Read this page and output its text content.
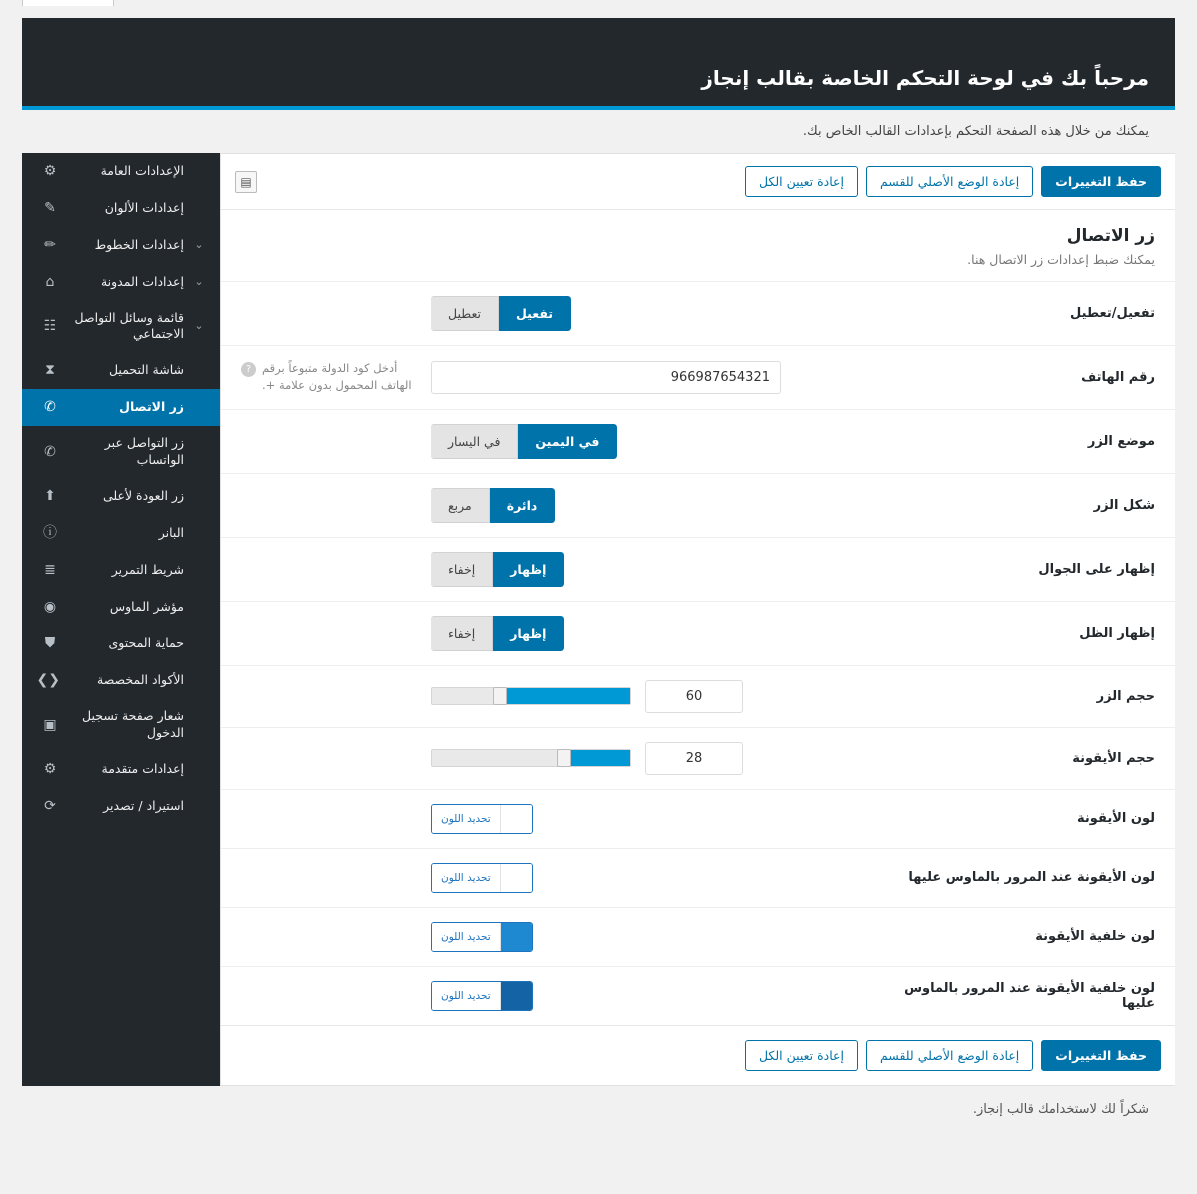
مرحباً بك في لوحة التحكم الخاصة بقالب إنجاز
يمكنك من خلال هذه الصفحة التحكم بإعدادات القالب الخاص بك.
حفظ التغييرات
إعادة الوضع الأصلي للقسم
إعادة تعيين الكل
▤
زر الاتصال
يمكنك ضبط إعدادات زر الاتصال هنا.
تفعيل/تعطيل
تفعيل
تعطيل
رقم الهاتف
966987654321
أدخل كود الدولة متبوعاً برقم الهاتف المحمول بدون علامة +.
?
موضع الزر
في اليمين
في اليسار
شكل الزر
دائرة
مربع
إظهار على الجوال
إظهار
إخفاء
إظهار الظل
إظهار
إخفاء
حجم الزر
60
حجم الأيقونة
28
لون الأيقونة
تحديد اللون
لون الأيقونة عند المرور بالماوس عليها
تحديد اللون
لون خلفية الأيقونة
تحديد اللون
لون خلفية الأيقونة عند المرور بالماوس عليها
تحديد اللون
حفظ التغييرات
إعادة الوضع الأصلي للقسم
إعادة تعيين الكل
الإعدادات العامة
⚙
إعدادات الألوان
✎
⌄
إعدادات الخطوط
✏
⌄
إعدادات المدونة
⌂
⌄
قائمة وسائل التواصل الاجتماعي
☷
شاشة التحميل
⧗
زر الاتصال
✆
زر التواصل عبر الواتساب
✆
زر العودة لأعلى
⬆
البانر
ⓘ
شريط التمرير
≣
مؤشر الماوس
◉
حماية المحتوى
⛊
الأكواد المخصصة
❮❯
شعار صفحة تسجيل الدخول
▣
إعدادات متقدمة
⚙
استيراد / تصدير
⟳
شكراً لك لاستخدامك قالب إنجاز.
